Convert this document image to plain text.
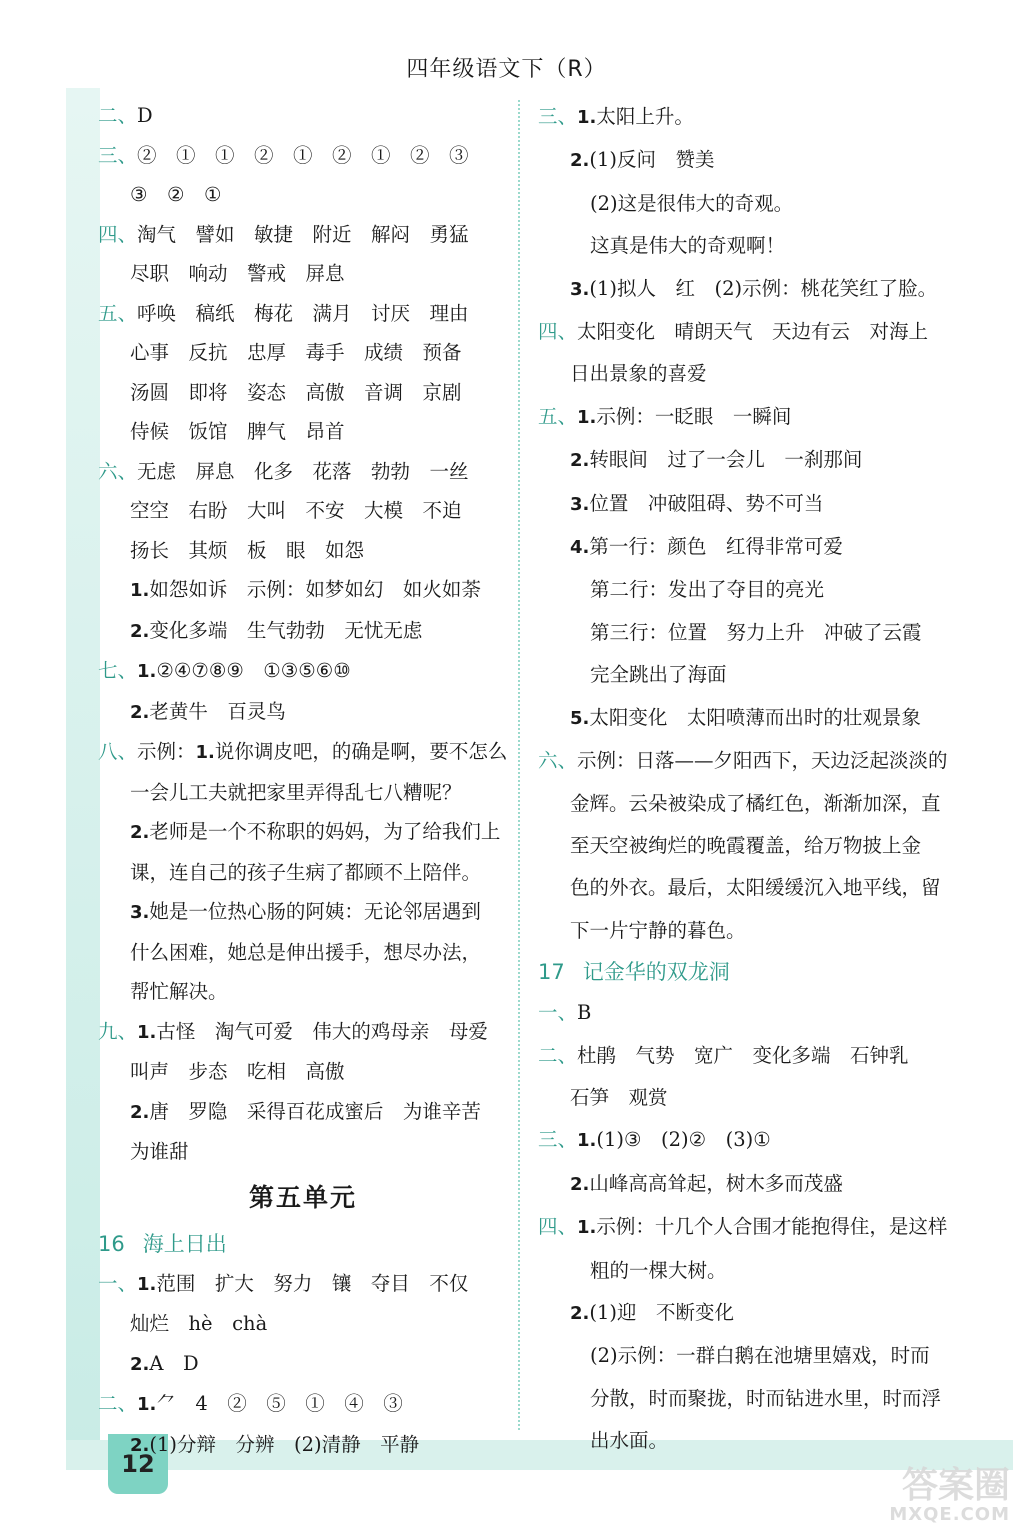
12
四年级语文下（R）
二、D
三、②　①　①　②　①　②　①　②　③
③　②　①
四、淘气　譬如　敏捷　附近　解闷　勇猛
尽职　响动　警戒　屏息
五、呼唤　稿纸　梅花　满月　讨厌　理由
心事　反抗　忠厚　毒手　成绩　预备
汤圆　即将　姿态　高傲　音调　京剧
侍候　饭馆　脾气　昂首
六、无虑　屏息　化多　花落　勃勃　一丝
空空　右盼　大叫　不安　大模　不迫
扬长　其烦　板　眼　如怨
1.如怨如诉　示例：如梦如幻　如火如荼
2.变化多端　生气勃勃　无忧无虑
七、1.②④⑦⑧⑨　①③⑤⑥⑩
2.老黄牛　百灵鸟
八、示例：1.说你调皮吧，的确是啊，要不怎么
一会儿工夫就把家里弄得乱七八糟呢？
2.老师是一个不称职的妈妈，为了给我们上
课，连自己的孩子生病了都顾不上陪伴。
3.她是一位热心肠的阿姨：无论邻居遇到
什么困难，她总是伸出援手，想尽办法，
帮忙解决。
九、1.古怪　淘气可爱　伟大的鸡母亲　母爱
叫声　步态　吃相　高傲
2.唐　罗隐　采得百花成蜜后　为谁辛苦
为谁甜
第五单元
16 海上日出
一、1.范围　扩大　努力　镶　夺目　不仅
灿烂　hè　chà
2.A　D
二、1.⺈　4　②　⑤　①　④　③
2.(1)分辩　分辨　(2)清静　平静
三、1.太阳上升。
2.(1)反问　赞美
(2)这是很伟大的奇观。
这真是伟大的奇观啊！
3.(1)拟人　红　(2)示例：桃花笑红了脸。
四、太阳变化　晴朗天气　天边有云　对海上
日出景象的喜爱
五、1.示例：一眨眼　一瞬间
2.转眼间　过了一会儿　一刹那间
3.位置　冲破阻碍、势不可当
4.第一行：颜色　红得非常可爱
第二行：发出了夺目的亮光
第三行：位置　努力上升　冲破了云霞
完全跳出了海面
5.太阳变化　太阳喷薄而出时的壮观景象
六、示例：日落——夕阳西下，天边泛起淡淡的
金辉。云朵被染成了橘红色，渐渐加深，直
至天空被绚烂的晚霞覆盖，给万物披上金
色的外衣。最后，太阳缓缓沉入地平线，留
下一片宁静的暮色。
17 记金华的双龙洞
一、B
二、杜鹃　气势　宽广　变化多端　石钟乳
石笋　观赏
三、1.(1)③　(2)②　(3)①
2.山峰高高耸起，树木多而茂盛
四、1.示例：十几个人合围才能抱得住，是这样
粗的一棵大树。
2.(1)迎　不断变化
(2)示例：一群白鹅在池塘里嬉戏，时而
分散，时而聚拢，时而钻进水里，时而浮
出水面。
答案圈
MXQE.COM
